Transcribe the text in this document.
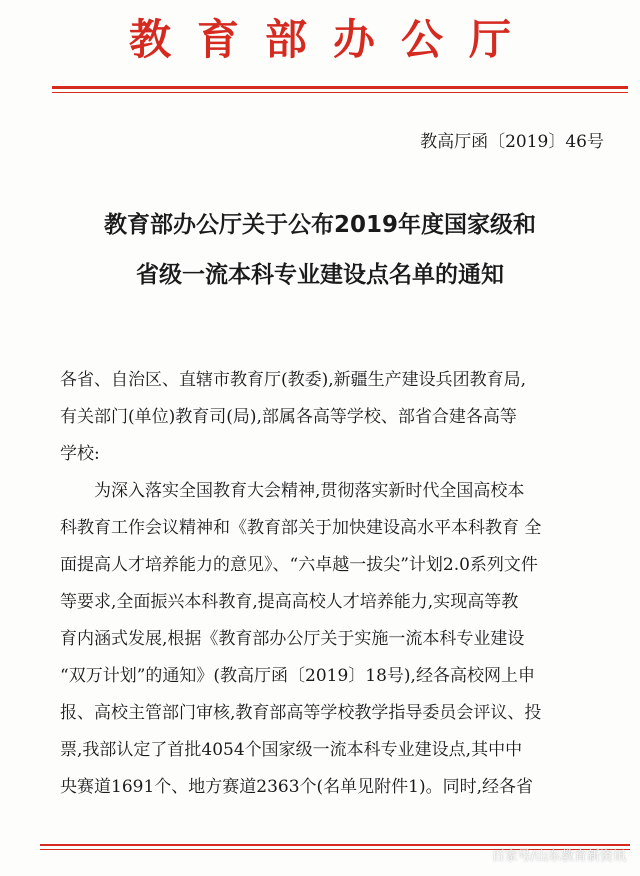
教育部办公厅
教高厅函〔2019〕46号
教育部办公厅关于公布2019年度国家级和
省级一流本科专业建设点名单的通知
各省、自治区、直辖市教育厅(教委),新疆生产建设兵团教育局,
有关部门(单位)教育司(局),部属各高等学校、部省合建各高等
学校:
　　为深入落实全国教育大会精神,贯彻落实新时代全国高校本
科教育工作会议精神和《教育部关于加快建设高水平本科教育 全
面提高人才培养能力的意见》、“六卓越一拔尖”计划2.0系列文件
等要求,全面振兴本科教育,提高高校人才培养能力,实现高等教
育内涵式发展,根据《教育部办公厅关于实施一流本科专业建设
“双万计划”的通知》(教高厅函〔2019〕18号),经各高校网上申
报、高校主管部门审核,教育部高等学校教学指导委员会评议、投
票,我部认定了首批4054个国家级一流本科专业建设点,其中中
央赛道1691个、地方赛道2363个(名单见附件1)。同时,经各省
百家号/山东教育新资讯
